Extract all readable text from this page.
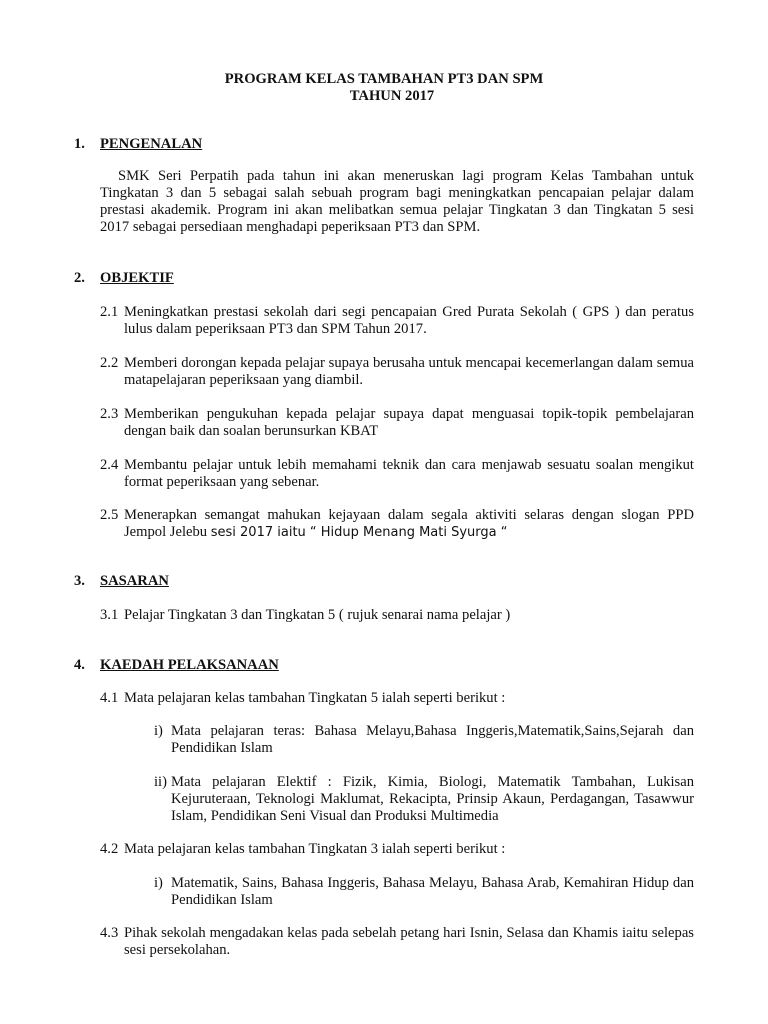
PROGRAM KELAS TAMBAHAN PT3 DAN SPM
TAHUN 2017
1. PENGENALAN
SMK Seri Perpatih pada tahun ini akan meneruskan lagi program Kelas Tambahan untuk Tingkatan 3 dan 5 sebagai salah sebuah program bagi meningkatkan pencapaian pelajar dalam prestasi akademik. Program ini akan melibatkan semua pelajar Tingkatan 3 dan Tingkatan 5 sesi 2017 sebagai persediaan menghadapi peperiksaan PT3 dan SPM.
2. OBJEKTIF
2.1 Meningkatkan prestasi sekolah dari segi pencapaian Gred Purata Sekolah ( GPS ) dan peratus lulus dalam peperiksaan PT3 dan SPM Tahun 2017.
2.2 Memberi dorongan kepada pelajar supaya berusaha untuk mencapai kecemerlangan dalam semua matapelajaran peperiksaan yang diambil.
2.3 Memberikan pengukuhan kepada pelajar supaya dapat menguasai topik-topik pembelajaran dengan baik dan soalan berunsurkan KBAT
2.4 Membantu pelajar untuk lebih memahami teknik dan cara menjawab sesuatu soalan mengikut format peperiksaan yang sebenar.
2.5 Menerapkan semangat mahukan kejayaan dalam segala aktiviti selaras dengan slogan PPD Jempol Jelebu sesi 2017 iaitu “ Hidup Menang Mati Syurga “
3. SASARAN
3.1 Pelajar Tingkatan 3 dan Tingkatan 5 ( rujuk senarai nama pelajar )
4. KAEDAH PELAKSANAAN
4.1 Mata pelajaran kelas tambahan Tingkatan 5 ialah seperti berikut :
i) Mata pelajaran teras: Bahasa Melayu,Bahasa Inggeris,Matematik,Sains,Sejarah dan Pendidikan Islam
ii) Mata pelajaran Elektif : Fizik, Kimia, Biologi, Matematik Tambahan, Lukisan Kejuruteraan, Teknologi Maklumat, Rekacipta, Prinsip Akaun, Perdagangan, Tasawwur Islam, Pendidikan Seni Visual dan Produksi Multimedia
4.2 Mata pelajaran kelas tambahan Tingkatan 3 ialah seperti berikut :
i) Matematik, Sains, Bahasa Inggeris, Bahasa Melayu, Bahasa Arab, Kemahiran Hidup dan Pendidikan Islam
4.3 Pihak sekolah mengadakan kelas pada sebelah petang hari Isnin, Selasa dan Khamis iaitu selepas sesi persekolahan.
